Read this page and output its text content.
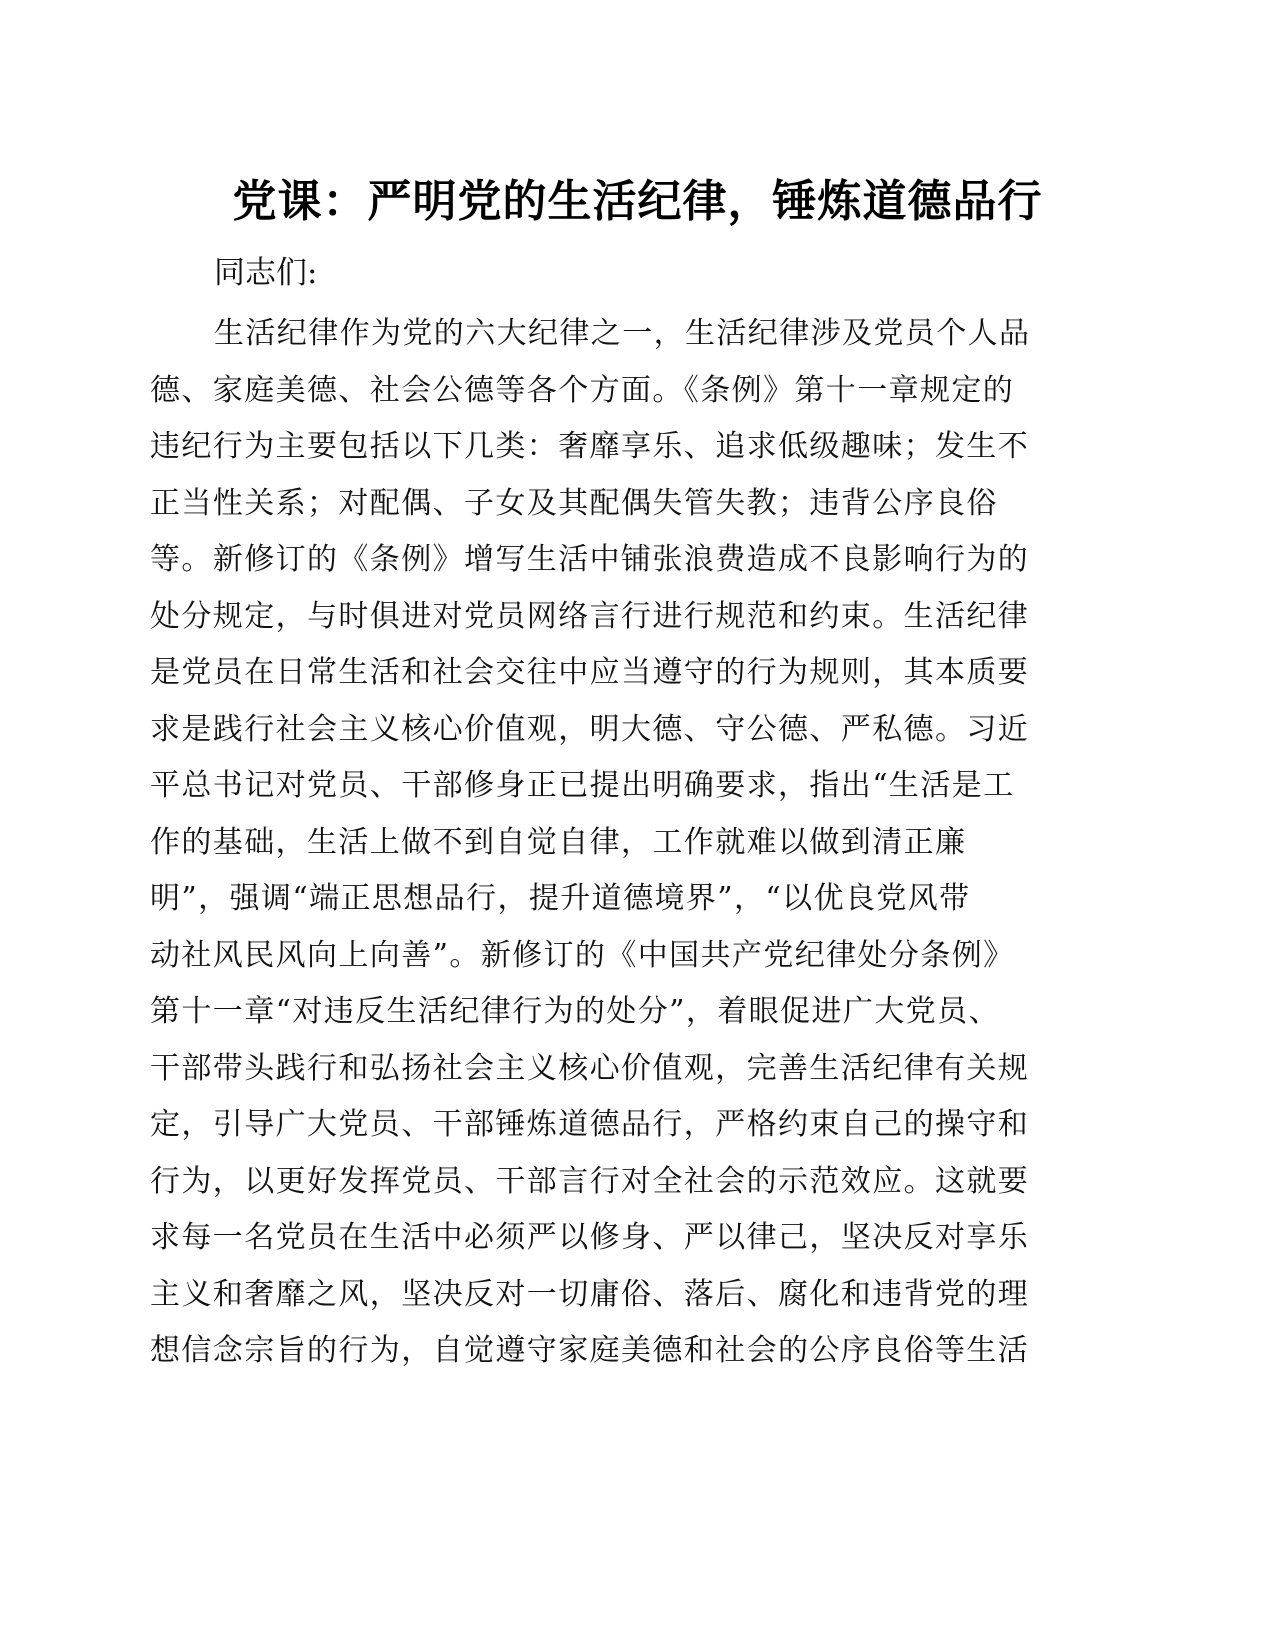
党课：严明党的生活纪律，锤炼道德品行

同志们:

生活纪律作为党的六大纪律之一，生活纪律涉及党员个人品
德、家庭美德、社会公德等各个方面。《条例》第十一章规定的
违纪行为主要包括以下几类：奢靡享乐、追求低级趣味；发生不
正当性关系；对配偶、子女及其配偶失管失教；违背公序良俗
等。新修订的《条例》增写生活中铺张浪费造成不良影响行为的
处分规定，与时俱进对党员网络言行进行规范和约束。生活纪律
是党员在日常生活和社会交往中应当遵守的行为规则，其本质要
求是践行社会主义核心价值观，明大德、守公德、严私德。习近
平总书记对党员、干部修身正已提出明确要求，指出“生活是工
作的基础，生活上做不到自觉自律，工作就难以做到清正廉
明”，强调“端正思想品行，提升道德境界”，“以优良党风带
动社风民风向上向善”。新修订的《中国共产党纪律处分条例》
第十一章“对违反生活纪律行为的处分”，着眼促进广大党员、
干部带头践行和弘扬社会主义核心价值观，完善生活纪律有关规
定，引导广大党员、干部锤炼道德品行，严格约束自己的操守和
行为，以更好发挥党员、干部言行对全社会的示范效应。这就要
求每一名党员在生活中必须严以修身、严以律己，坚决反对享乐
主义和奢靡之风，坚决反对一切庸俗、落后、腐化和违背党的理
想信念宗旨的行为，自觉遵守家庭美德和社会的公序良俗等生活
